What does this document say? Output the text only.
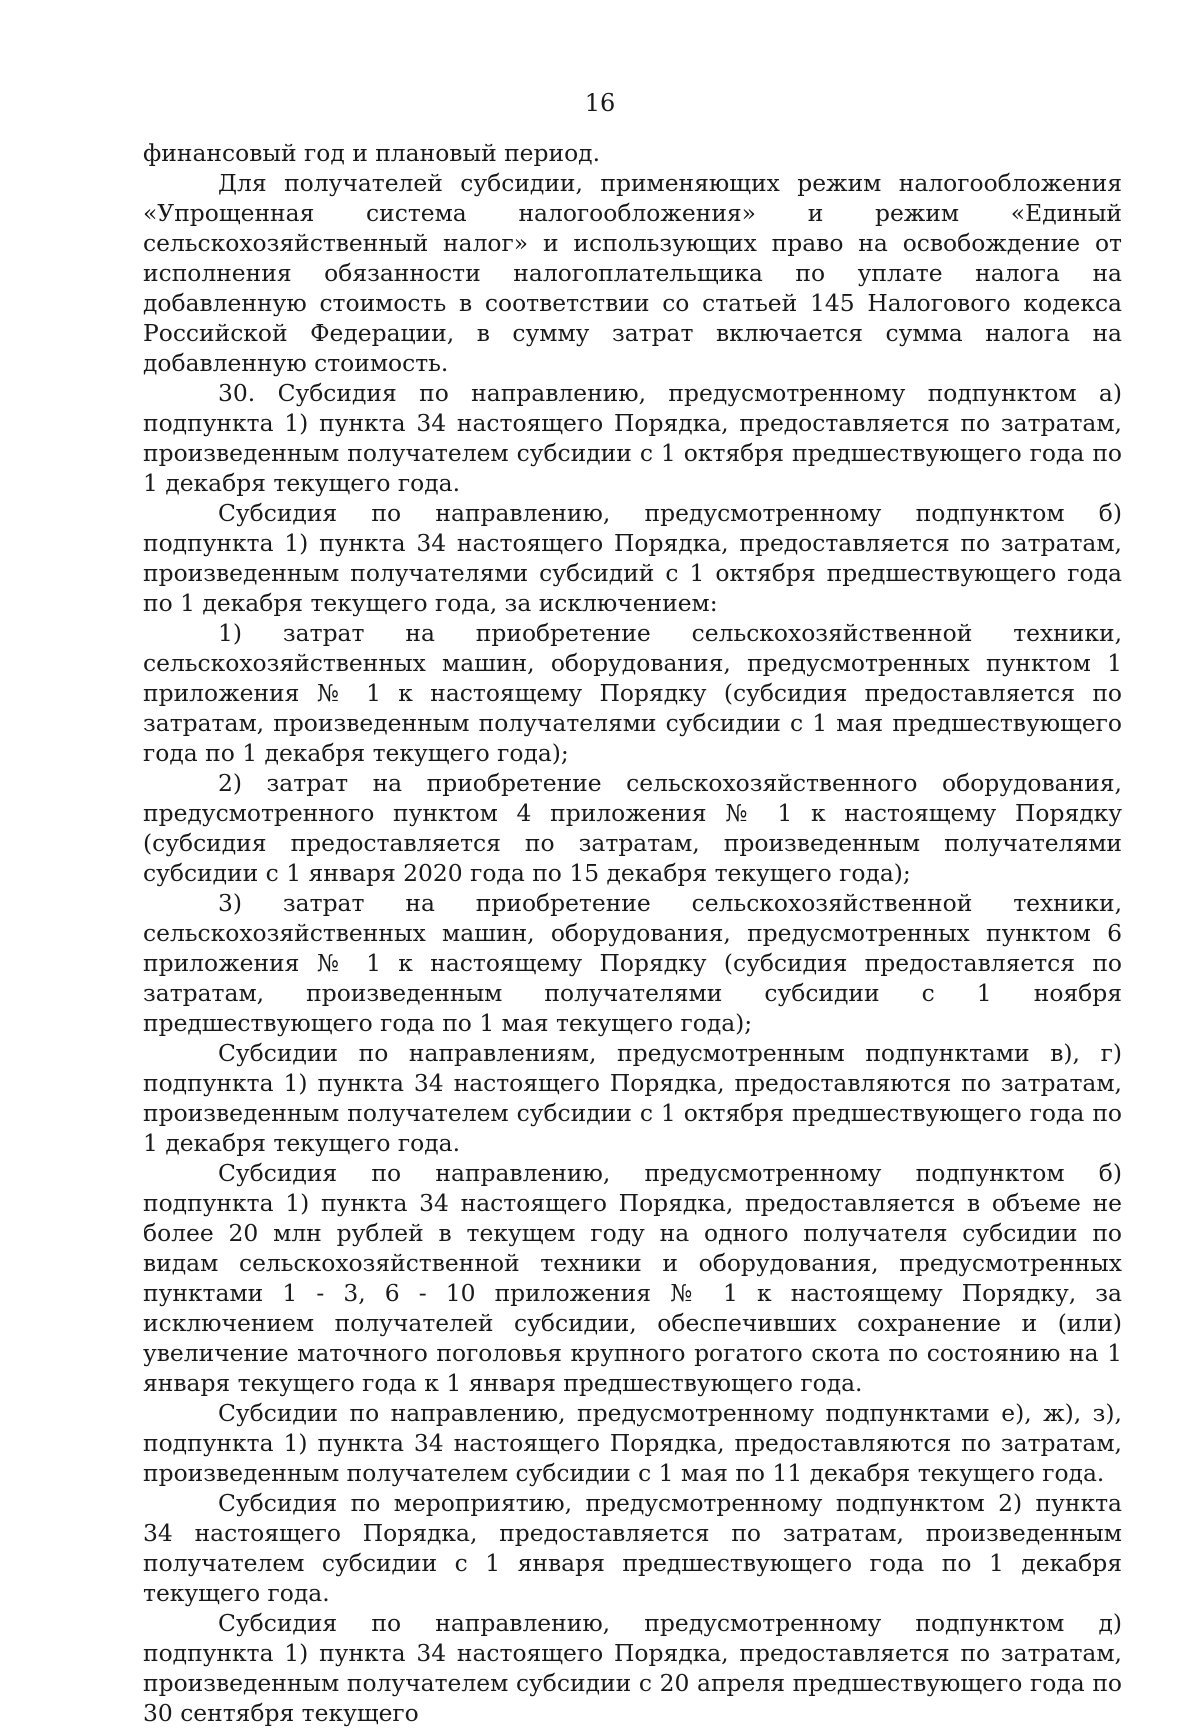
16

финансовый год и плановый период.

Для получателей субсидии, применяющих режим налогообложения «Упрощенная система налогообложения» и режим «Единый сельскохозяйственный налог» и использующих право на освобождение от исполнения обязанности налогоплательщика по уплате налога на добавленную стоимость в соответствии со статьей 145 Налогового кодекса Российской Федерации, в сумму затрат включается сумма налога на добавленную стоимость.

30. Субсидия по направлению, предусмотренному подпунктом а) подпункта 1) пункта 34 настоящего Порядка, предоставляется по затратам, произведенным получателем субсидии с 1 октября предшествующего года по 1 декабря текущего года.

Субсидия по направлению, предусмотренному подпунктом б) подпункта 1) пункта 34 настоящего Порядка, предоставляется по затратам, произведенным получателями субсидий с 1 октября предшествующего года по 1 декабря текущего года, за исключением:

1) затрат на приобретение сельскохозяйственной техники, сельскохозяйственных машин, оборудования, предусмотренных пунктом 1 приложения № 1 к настоящему Порядку (субсидия предоставляется по затратам, произведенным получателями субсидии с 1 мая предшествующего года по 1 декабря текущего года);

2) затрат на приобретение сельскохозяйственного оборудования, предусмотренного пунктом 4 приложения № 1 к настоящему Порядку (субсидия предоставляется по затратам, произведенным получателями субсидии с 1 января 2020 года по 15 декабря текущего года);

3) затрат на приобретение сельскохозяйственной техники, сельскохозяйственных машин, оборудования, предусмотренных пунктом 6 приложения № 1 к настоящему Порядку (субсидия предоставляется по затратам, произведенным получателями субсидии с 1 ноября предшествующего года по 1 мая текущего года);

Субсидии по направлениям, предусмотренным подпунктами в), г) подпункта 1) пункта 34 настоящего Порядка, предоставляются по затратам, произведенным получателем субсидии с 1 октября предшествующего года по 1 декабря текущего года.

Субсидия по направлению, предусмотренному подпунктом б) подпункта 1) пункта 34 настоящего Порядка, предоставляется в объеме не более 20 млн рублей в текущем году на одного получателя субсидии по видам сельскохозяйственной техники и оборудования, предусмотренных пунктами 1 - 3, 6 - 10 приложения № 1 к настоящему Порядку, за исключением получателей субсидии, обеспечивших сохранение и (или) увеличение маточного поголовья крупного рогатого скота по состоянию на 1 января текущего года к 1 января предшествующего года.

Субсидии по направлению, предусмотренному подпунктами е), ж), з), подпункта 1) пункта 34 настоящего Порядка, предоставляются по затратам, произведенным получателем субсидии с 1 мая по 11 декабря текущего года.

Субсидия по мероприятию, предусмотренному подпунктом 2) пункта 34 настоящего Порядка, предоставляется по затратам, произведенным получателем субсидии с 1 января предшествующего года по 1 декабря текущего года.

Субсидия по направлению, предусмотренному подпунктом д) подпункта 1) пункта 34 настоящего Порядка, предоставляется по затратам, произведенным получателем субсидии с 20 апреля предшествующего года по 30 сентября текущего
